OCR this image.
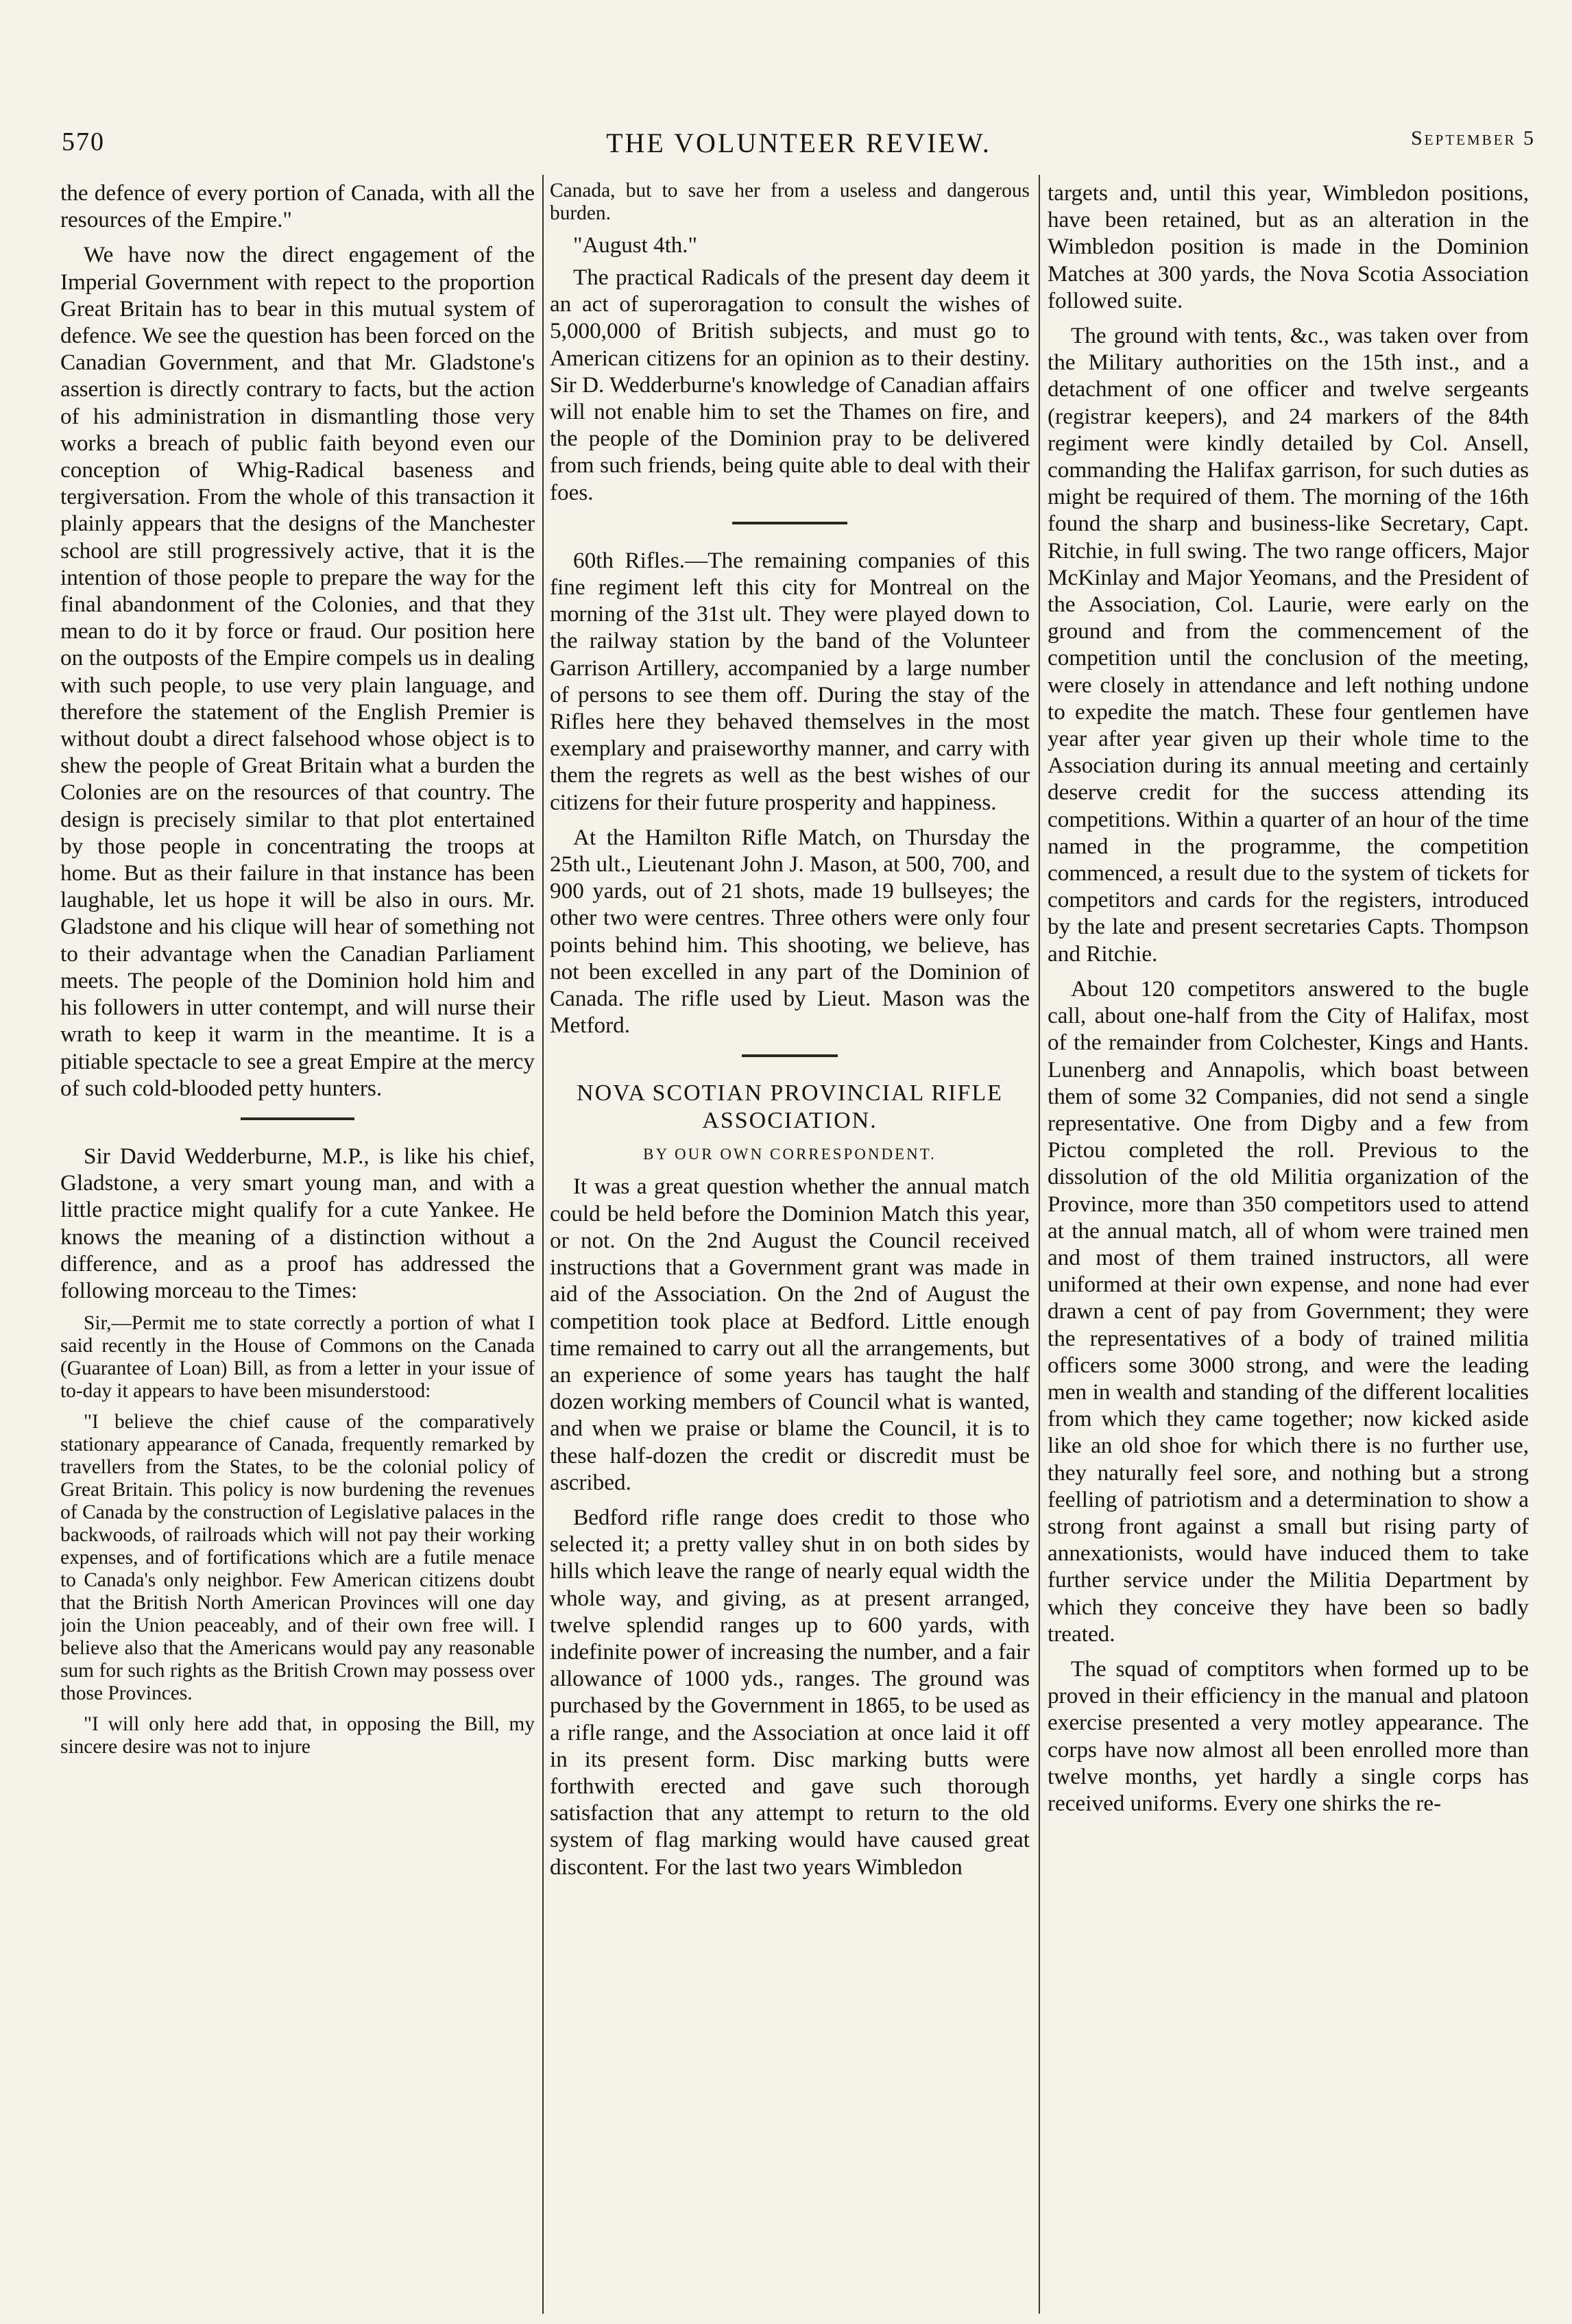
570	THE VOLUNTEER REVIEW.	September 5

the defence of every portion of Canada, with all the resources of the Empire."

We have now the direct engagement of the Imperial Government with repect to the proportion Great Britain has to bear in this mutual system of defence. We see the question has been forced on the Canadian Government, and that Mr. Gladstone's assertion is directly contrary to facts, but the action of his administration in dismantling those very works a breach of public faith beyond even our conception of Whig-Radical baseness and tergiversation. From the whole of this transaction it plainly appears that the designs of the Manchester school are still progressively active, that it is the intention of those people to prepare the way for the final abandonment of the Colonies, and that they mean to do it by force or fraud. Our position here on the outposts of the Empire compels us in dealing with such people, to use very plain language, and therefore the statement of the English Premier is without doubt a direct falsehood whose object is to shew the people of Great Britain what a burden the Colonies are on the resources of that country. The design is precisely similar to that plot entertained by those people in concentrating the troops at home. But as their failure in that instance has been laughable, let us hope it will be also in ours. Mr. Gladstone and his clique will hear of something not to their advantage when the Canadian Parliament meets. The people of the Dominion hold him and his followers in utter contempt, and will nurse their wrath to keep it warm in the meantime. It is a pitiable spectacle to see a great Empire at the mercy of such cold-blooded petty hunters.

Sir David Wedderburne, M.P., is like his chief, Gladstone, a very smart young man, and with a little practice might qualify for a cute Yankee. He knows the meaning of a distinction without a difference, and as a proof has addressed the following morceau to the Times:

Sir,—Permit me to state correctly a portion of what I said recently in the House of Commons on the Canada (Guarantee of Loan) Bill, as from a letter in your issue of to-day it appears to have been misunderstood:

"I believe the chief cause of the comparatively stationary appearance of Canada, frequently remarked by travellers from the States, to be the colonial policy of Great Britain. This policy is now burdening the revenues of Canada by the construction of Legislative palaces in the backwoods, of railroads which will not pay their working expenses, and of fortifications which are a futile menace to Canada's only neighbor. Few American citizens doubt that the British North American Provinces will one day join the Union peaceably, and of their own free will. I believe also that the Americans would pay any reasonable sum for such rights as the British Crown may possess over those Provinces.

"I will only here add that, in opposing the Bill, my sincere desire was not to injure

Canada, but to save her from a useless and dangerous burden.

"August 4th."

The practical Radicals of the present day deem it an act of superoragation to consult the wishes of 5,000,000 of British subjects, and must go to American citizens for an opinion as to their destiny. Sir D. Wedderburne's knowledge of Canadian affairs will not enable him to set the Thames on fire, and the people of the Dominion pray to be delivered from such friends, being quite able to deal with their foes.

60th Rifles.—The remaining companies of this fine regiment left this city for Montreal on the morning of the 31st ult. They were played down to the railway station by the band of the Volunteer Garrison Artillery, accompanied by a large number of persons to see them off. During the stay of the Rifles here they behaved themselves in the most exemplary and praiseworthy manner, and carry with them the regrets as well as the best wishes of our citizens for their future prosperity and happiness.

At the Hamilton Rifle Match, on Thursday the 25th ult., Lieutenant John J. Mason, at 500, 700, and 900 yards, out of 21 shots, made 19 bullseyes; the other two were centres. Three others were only four points behind him. This shooting, we believe, has not been excelled in any part of the Dominion of Canada. The rifle used by Lieut. Mason was the Metford.

NOVA SCOTIAN PROVINCIAL RIFLE ASSOCIATION.
BY OUR OWN CORRESPONDENT.

It was a great question whether the annual match could be held before the Dominion Match this year, or not. On the 2nd August the Council received instructions that a Government grant was made in aid of the Association. On the 2nd of August the competition took place at Bedford. Little enough time remained to carry out all the arrangements, but an experience of some years has taught the half dozen working members of Council what is wanted, and when we praise or blame the Council, it is to these half-dozen the credit or discredit must be ascribed.

Bedford rifle range does credit to those who selected it; a pretty valley shut in on both sides by hills which leave the range of nearly equal width the whole way, and giving, as at present arranged, twelve splendid ranges up to 600 yards, with indefinite power of increasing the number, and a fair allowance of 1000 yds., ranges. The ground was purchased by the Government in 1865, to be used as a rifle range, and the Association at once laid it off in its present form. Disc marking butts were forthwith erected and gave such thorough satisfaction that any attempt to return to the old system of flag marking would have caused great discontent. For the last two years Wimbledon

targets and, until this year, Wimbledon positions, have been retained, but as an alteration in the Wimbledon position is made in the Dominion Matches at 300 yards, the Nova Scotia Association followed suite.

The ground with tents, &c., was taken over from the Military authorities on the 15th inst., and a detachment of one officer and twelve sergeants (registrar keepers), and 24 markers of the 84th regiment were kindly detailed by Col. Ansell, commanding the Halifax garrison, for such duties as might be required of them. The morning of the 16th found the sharp and business-like Secretary, Capt. Ritchie, in full swing. The two range officers, Major McKinlay and Major Yeomans, and the President of the Association, Col. Laurie, were early on the ground and from the commencement of the competition until the conclusion of the meeting, were closely in attendance and left nothing undone to expedite the match. These four gentlemen have year after year given up their whole time to the Association during its annual meeting and certainly deserve credit for the success attending its competitions. Within a quarter of an hour of the time named in the programme, the competition commenced, a result due to the system of tickets for competitors and cards for the registers, introduced by the late and present secretaries Capts. Thompson and Ritchie.

About 120 competitors answered to the bugle call, about one-half from the City of Halifax, most of the remainder from Colchester, Kings and Hants. Lunenberg and Annapolis, which boast between them of some 32 Companies, did not send a single representative. One from Digby and a few from Pictou completed the roll. Previous to the dissolution of the old Militia organization of the Province, more than 350 competitors used to attend at the annual match, all of whom were trained men and most of them trained instructors, all were uniformed at their own expense, and none had ever drawn a cent of pay from Government; they were the representatives of a body of trained militia officers some 3000 strong, and were the leading men in wealth and standing of the different localities from which they came together; now kicked aside like an old shoe for which there is no further use, they naturally feel sore, and nothing but a strong feelling of patriotism and a determination to show a strong front against a small but rising party of annexationists, would have induced them to take further service under the Militia Department by which they conceive they have been so badly treated.

The squad of comptitors when formed up to be proved in their efficiency in the manual and platoon exercise presented a very motley appearance. The corps have now almost all been enrolled more than twelve months, yet hardly a single corps has received uniforms. Every one shirks the re-
